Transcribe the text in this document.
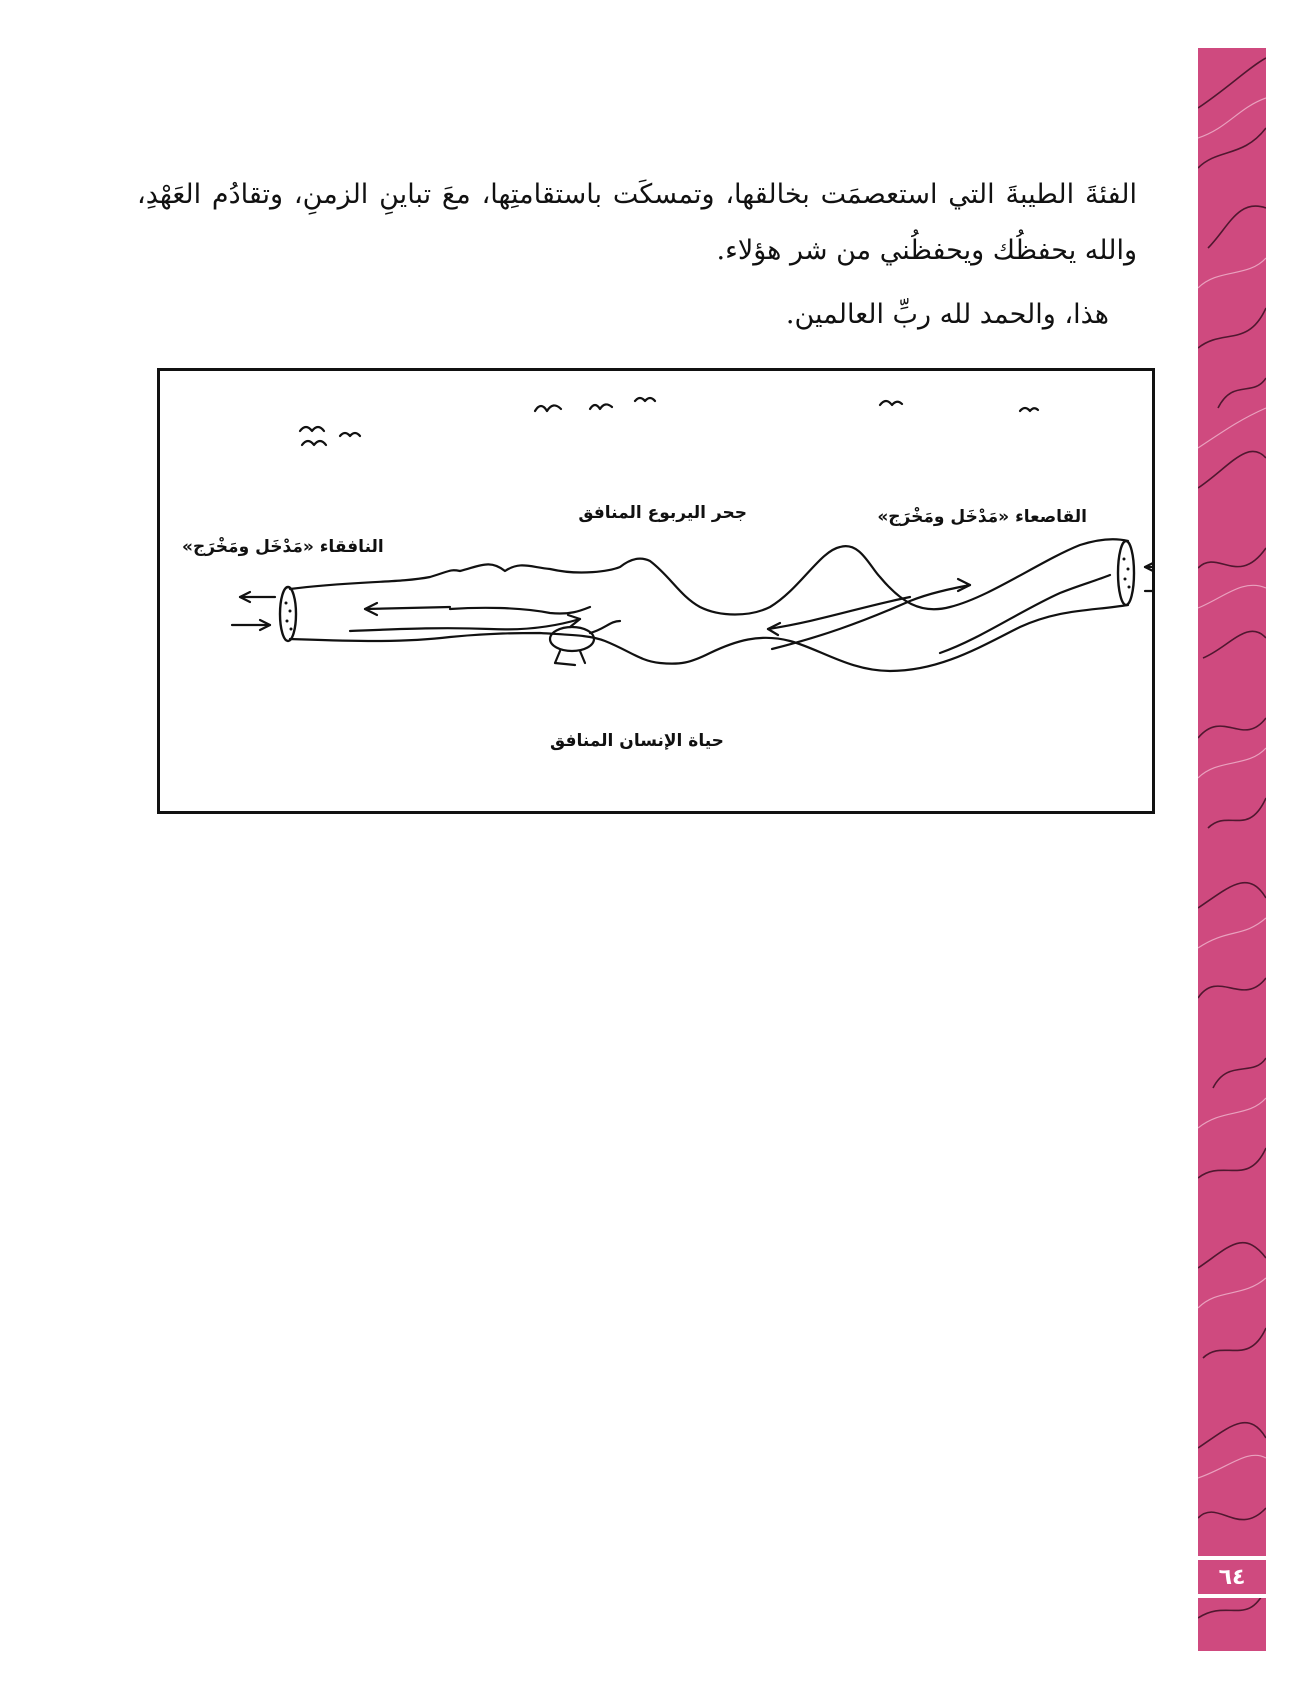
الفئةَ الطيبةَ التي استعصمَت بخالقها، وتمسكَت باستقامتِها، معَ تباينِ الزمنِ، وتقادُم العَهْدِ، والله يحفظُك ويحفظُني من شر هؤلاء.

هذا، والحمد لله ربِّ العالمين.

القاصعاء «مَدْخَل ومَخْرَج»
جحر اليربوع المنافق
النافقاء «مَدْخَل ومَخْرَج»
حياة الإنسان المنافق
٦٤
